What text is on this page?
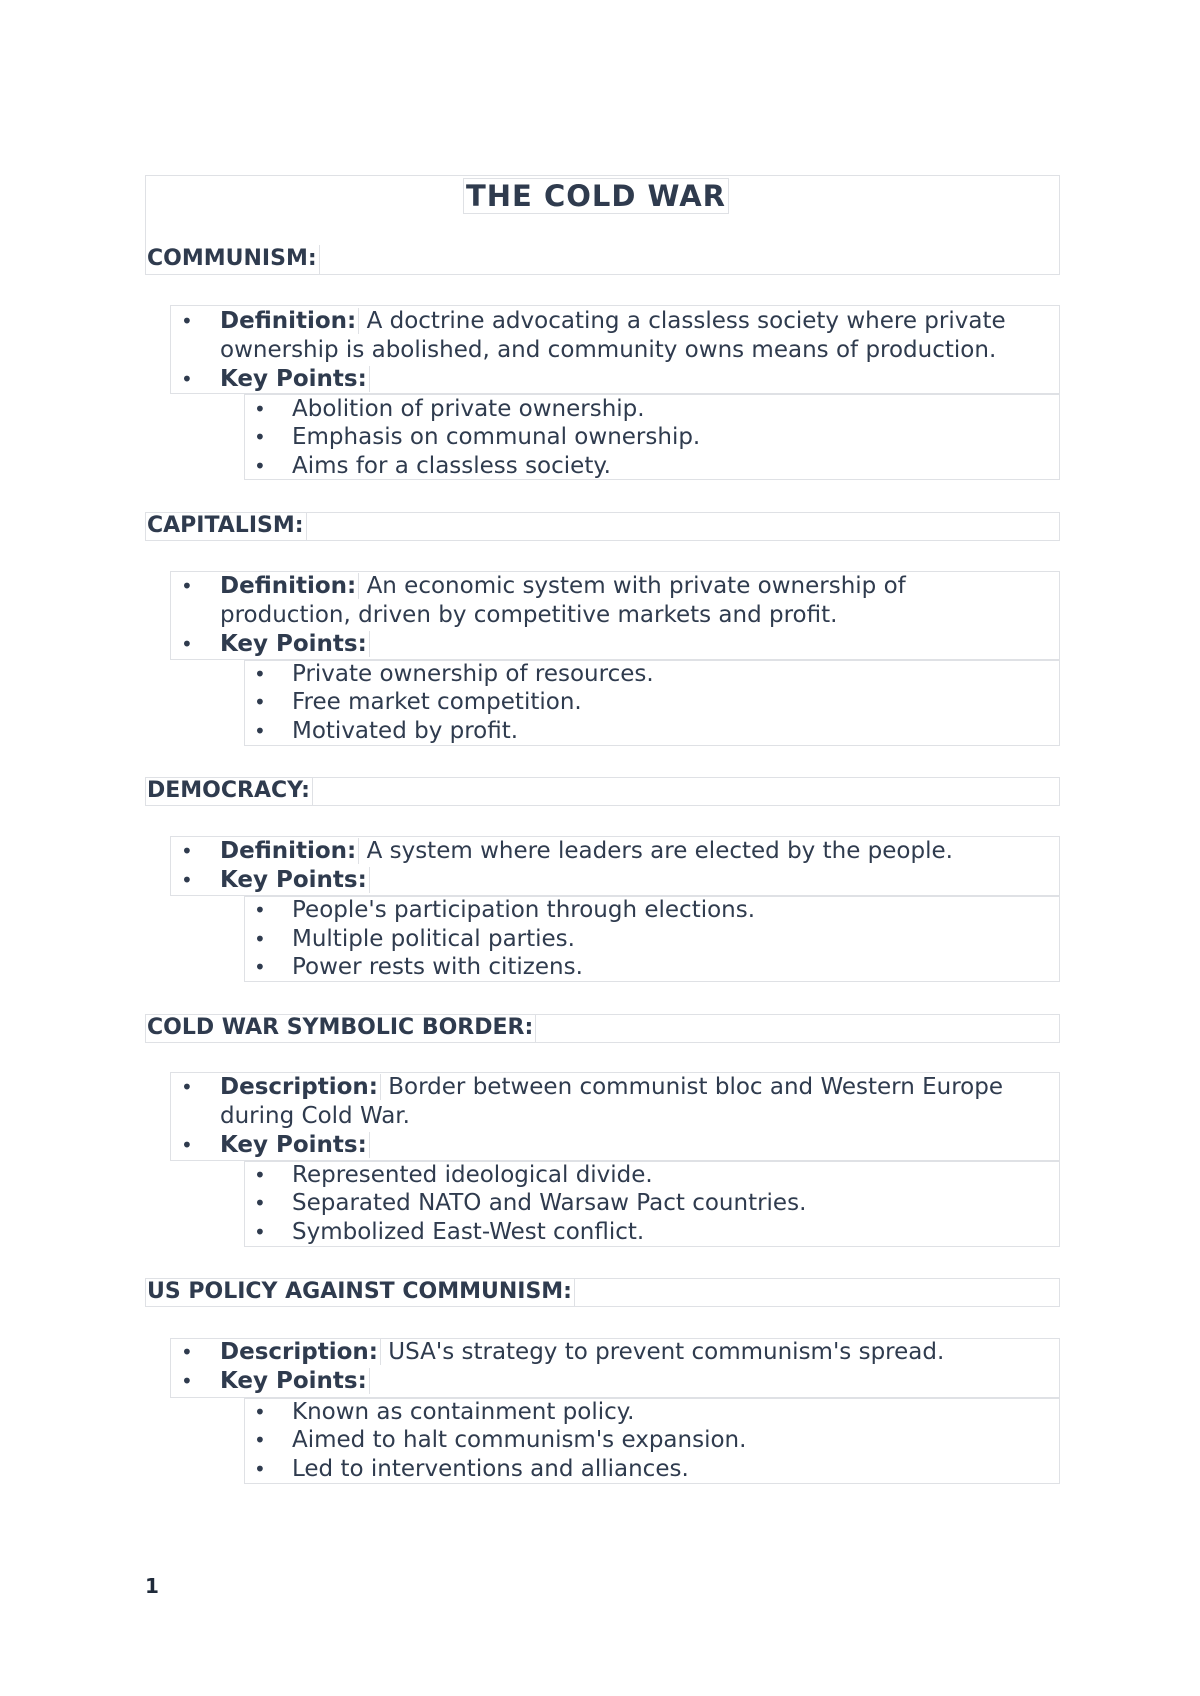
THE COLD WAR
COMMUNISM:
• Definition: A doctrine advocating a classless society where private
ownership is abolished, and community owns means of production.
• Key Points:
• Abolition of private ownership.
• Emphasis on communal ownership.
• Aims for a classless society.
CAPITALISM:
• Definition: An economic system with private ownership of
production, driven by competitive markets and profit.
• Key Points:
• Private ownership of resources.
• Free market competition.
• Motivated by profit.
DEMOCRACY:
• Definition: A system where leaders are elected by the people.
• Key Points:
• People's participation through elections.
• Multiple political parties.
• Power rests with citizens.
COLD WAR SYMBOLIC BORDER:
• Description: Border between communist bloc and Western Europe
during Cold War.
• Key Points:
• Represented ideological divide.
• Separated NATO and Warsaw Pact countries.
• Symbolized East-West conflict.
US POLICY AGAINST COMMUNISM:
• Description: USA's strategy to prevent communism's spread.
• Key Points:
• Known as containment policy.
• Aimed to halt communism's expansion.
• Led to interventions and alliances.
1
